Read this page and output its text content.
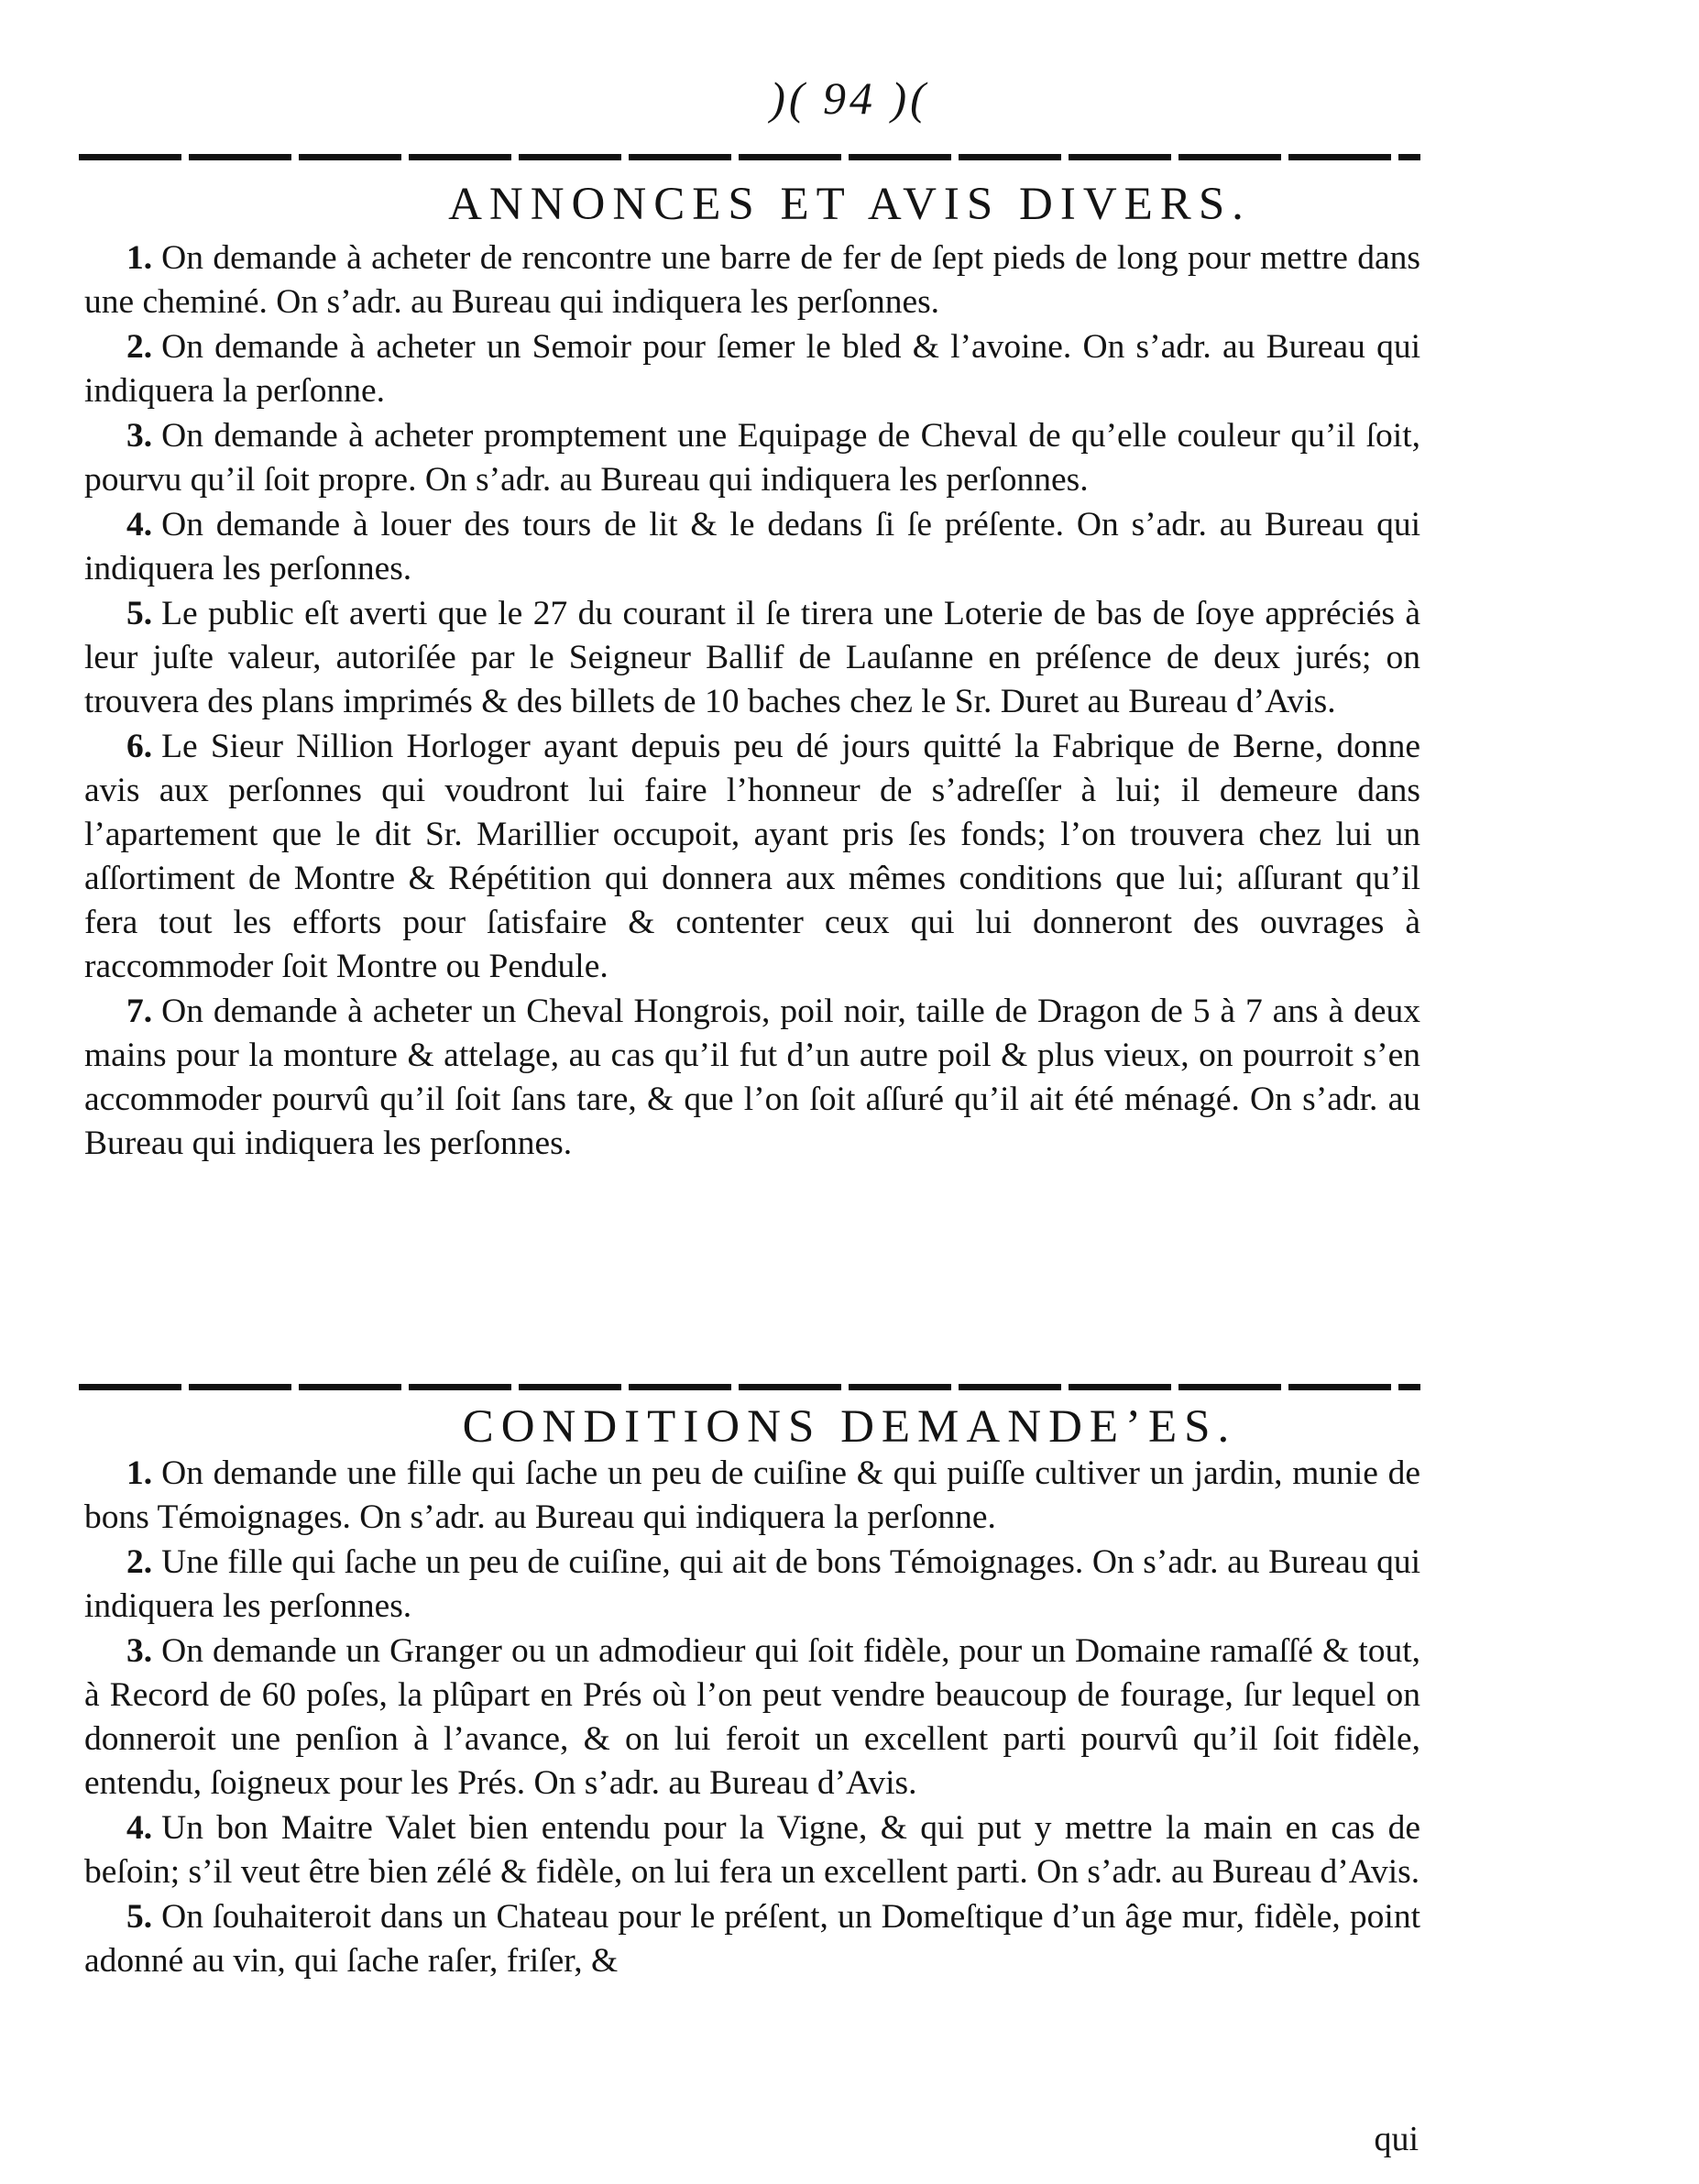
)( 94 )(

ANNONCES ET AVIS DIVERS.

1. On demande à acheter de rencontre une barre de fer de ſept pieds de long pour mettre dans une cheminé. On s’adr. au Bureau qui indiquera les perſonnes.

2. On demande à acheter un Semoir pour ſemer le bled & l’avoine. On s’adr. au Bureau qui indiquera la perſonne.

3. On demande à acheter promptement une Equipage de Cheval de qu’elle couleur qu’il ſoit, pourvu qu’il ſoit propre. On s’adr. au Bureau qui indiquera les perſonnes.

4. On demande à louer des tours de lit & le dedans ſi ſe préſente. On s’adr. au Bureau qui indiquera les perſonnes.

5. Le public eſt averti que le 27 du courant il ſe tirera une Loterie de bas de ſoye appréciés à leur juſte valeur, autoriſée par le Seigneur Ballif de Lauſanne en préſence de deux jurés; on trouvera des plans imprimés & des billets de 10 baches chez le Sr. Duret au Bureau d’Avis.

6. Le Sieur Nillion Horloger ayant depuis peu dé jours quitté la Fabrique de Berne, donne avis aux perſonnes qui voudront lui faire l’honneur de s’adreſſer à lui; il demeure dans l’apartement que le dit Sr. Marillier occupoit, ayant pris ſes fonds; l’on trouvera chez lui un aſſortiment de Montre & Répétition qui donnera aux mêmes conditions que lui; aſſurant qu’il fera tout les efforts pour ſatisfaire & contenter ceux qui lui donneront des ouvrages à raccommoder ſoit Montre ou Pendule.

7. On demande à acheter un Cheval Hongrois, poil noir, taille de Dragon de 5 à 7 ans à deux mains pour la monture & attelage, au cas qu’il fut d’un autre poil & plus vieux, on pourroit s’en accommoder pourvû qu’il ſoit ſans tare, & que l’on ſoit aſſuré qu’il ait été ménagé. On s’adr. au Bureau qui indiquera les perſonnes.

CONDITIONS DEMANDE’ES.

1. On demande une fille qui ſache un peu de cuiſine & qui puiſſe cultiver un jardin, munie de bons Témoignages. On s’adr. au Bureau qui indiquera la perſonne.

2. Une fille qui ſache un peu de cuiſine, qui ait de bons Témoignages. On s’adr. au Bureau qui indiquera les perſonnes.

3. On demande un Granger ou un admodieur qui ſoit fidèle, pour un Domaine ramaſſé & tout, à Record de 60 poſes, la plûpart en Prés où l’on peut vendre beaucoup de fourage, ſur lequel on donneroit une penſion à l’avance, & on lui feroit un excellent parti pourvû qu’il ſoit fidèle, entendu, ſoigneux pour les Prés. On s’adr. au Bureau d’Avis.

4. Un bon Maitre Valet bien entendu pour la Vigne, & qui put y mettre la main en cas de beſoin; s’il veut être bien zélé & fidèle, on lui fera un excellent parti. On s’adr. au Bureau d’Avis.

5. On ſouhaiteroit dans un Chateau pour le préſent, un Domeſtique d’un âge mur, fidèle, point adonné au vin, qui ſache raſer, friſer, &

qui
